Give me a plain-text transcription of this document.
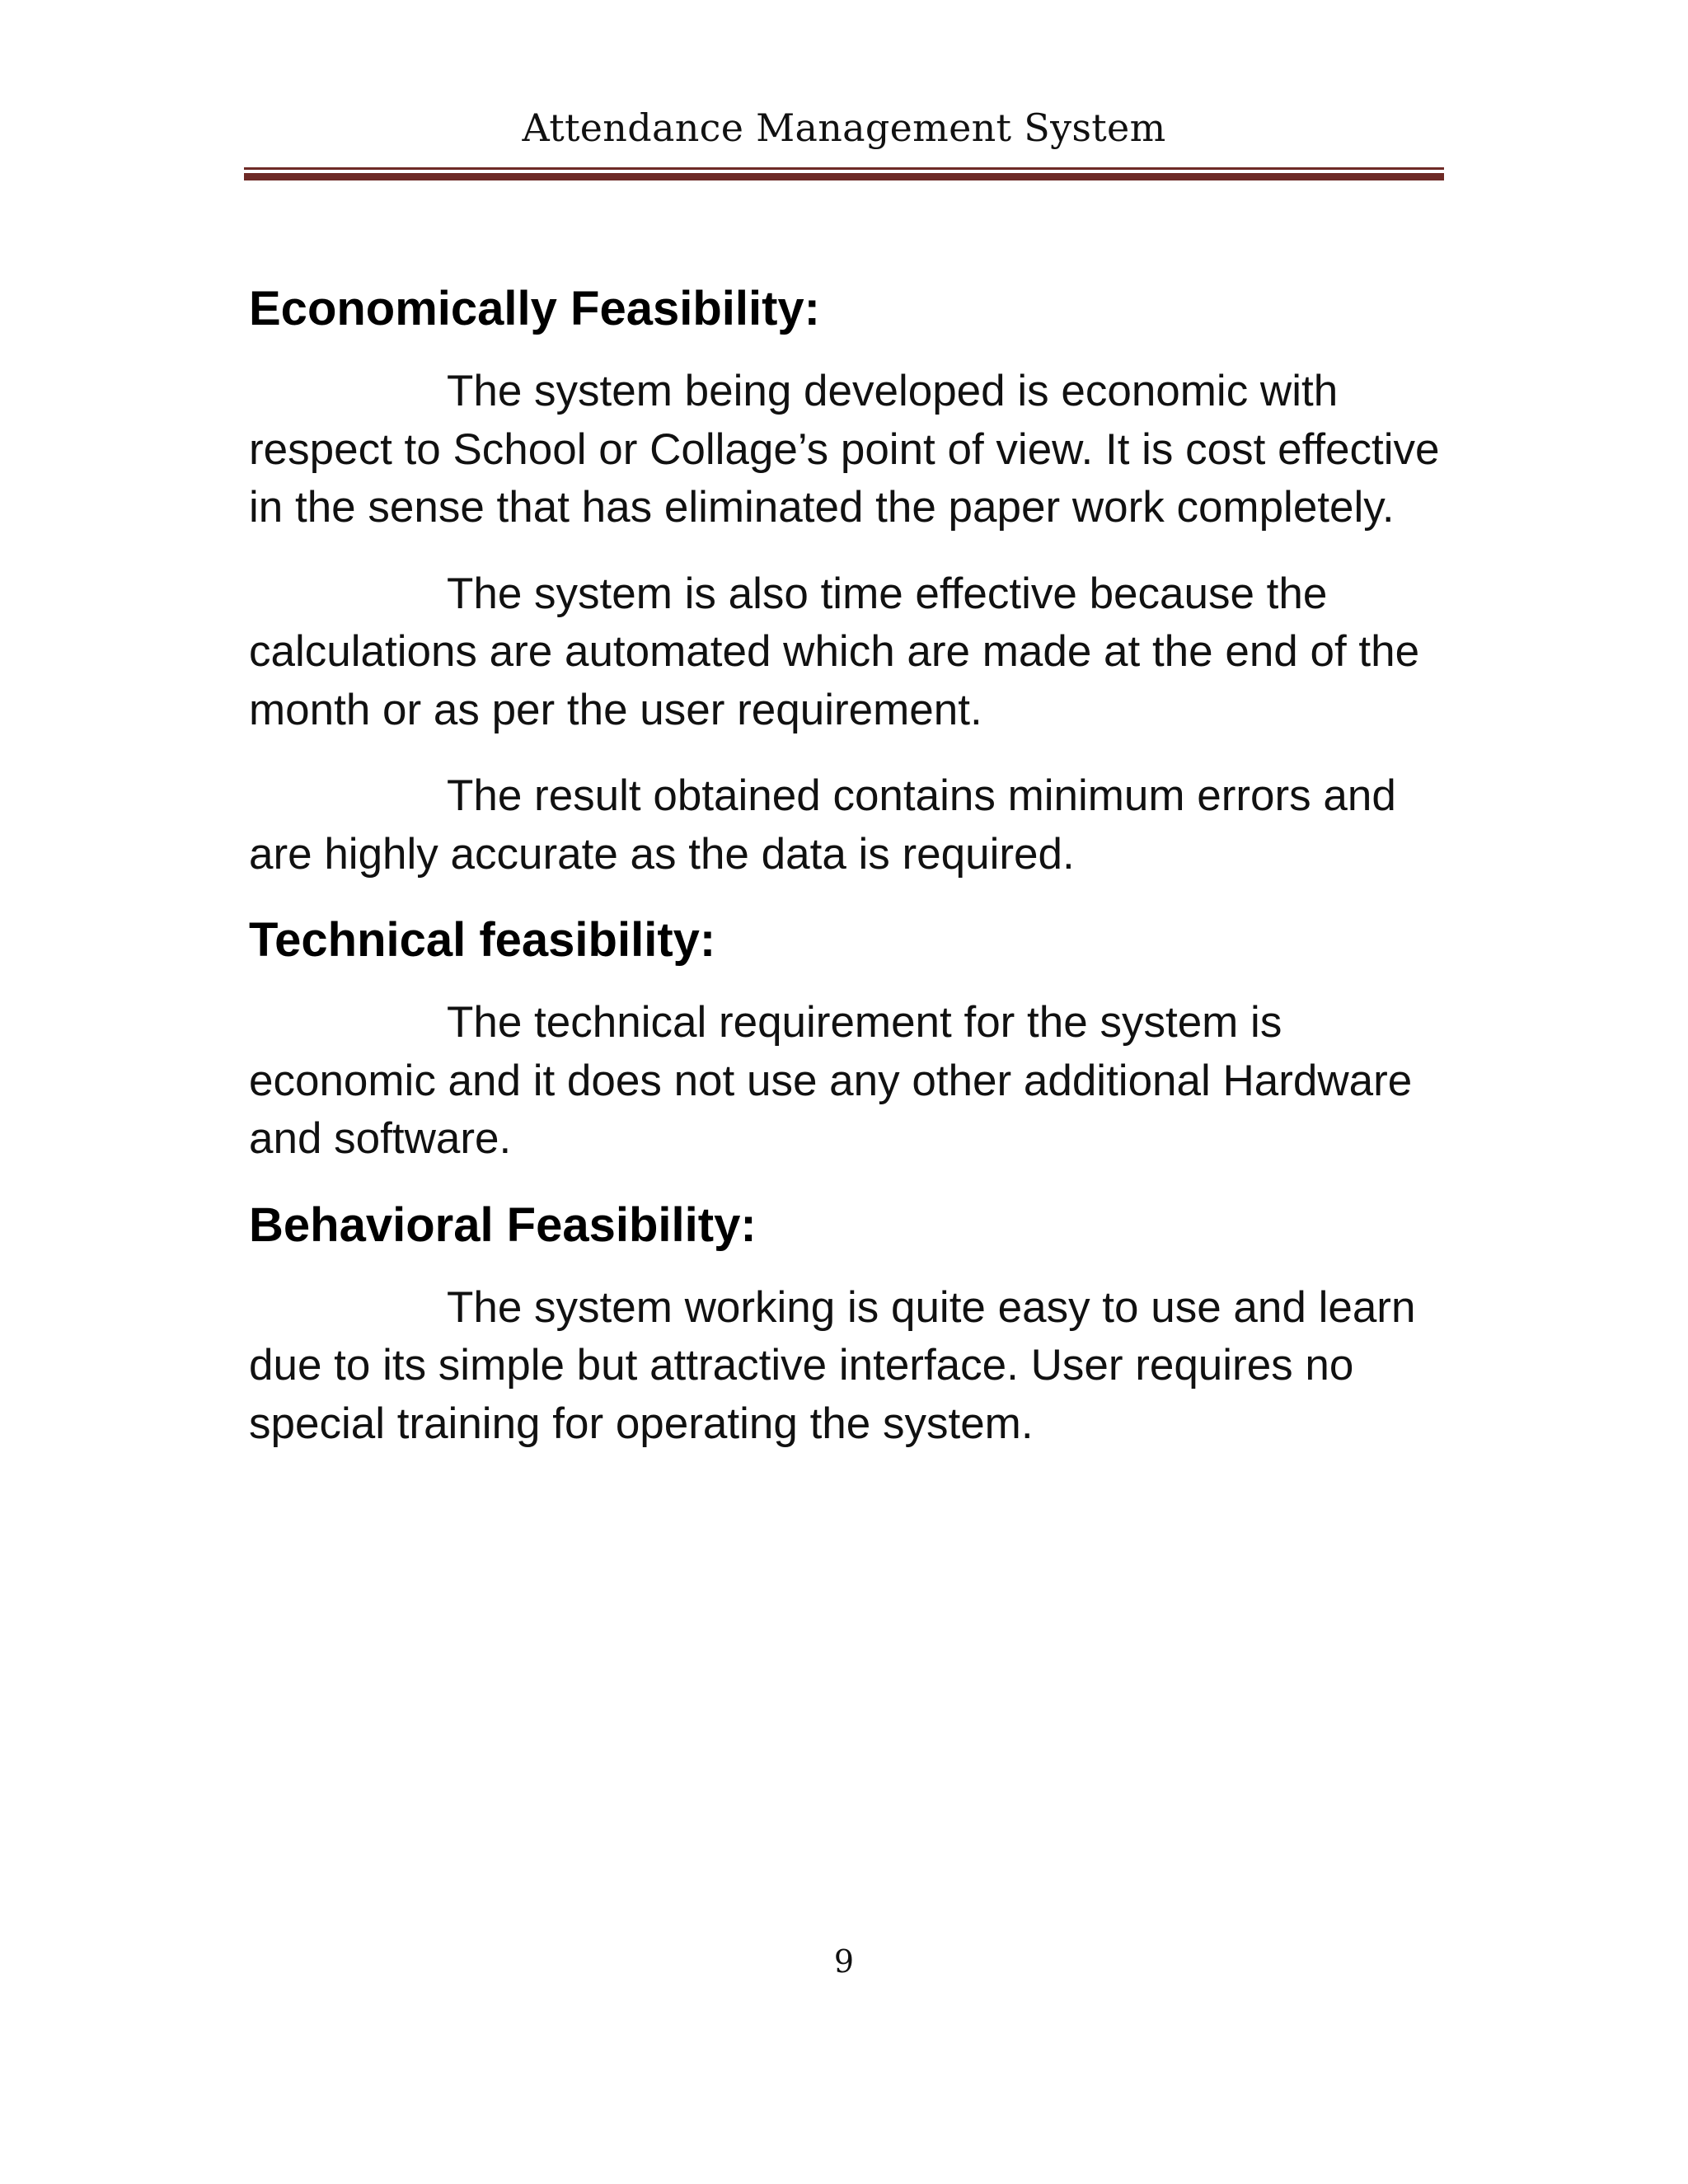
Attendance Management System
Economically Feasibility:

The system being developed is economic with respect to School or Collage’s point of view. It is cost effective in the sense that has eliminated the paper work completely.

The system is also time effective because the calculations are automated which are made at the end of the month or as per the user requirement.

The result obtained contains minimum errors and are highly accurate as the data is required.

Technical feasibility:

The technical requirement for the system is economic and it does not use any other additional Hardware and software.

Behavioral Feasibility:

The system working is quite easy to use and learn due to its simple but attractive interface. User requires no special training for operating the system.

9
